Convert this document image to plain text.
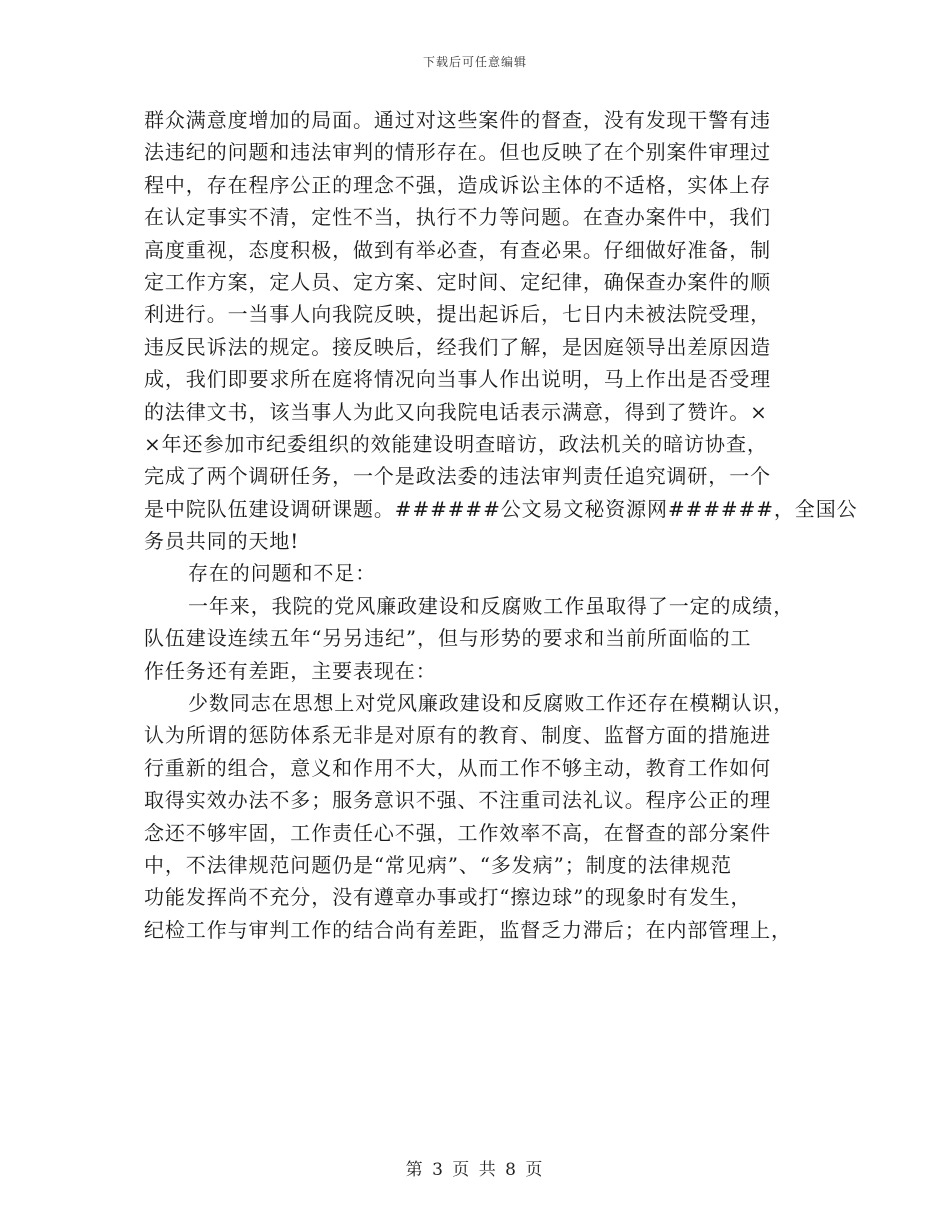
下载后可任意编辑
群众满意度增加的局面。通过对这些案件的督查，没有发现干警有违
法违纪的问题和违法审判的情形存在。但也反映了在个别案件审理过
程中，存在程序公正的理念不强，造成诉讼主体的不适格，实体上存
在认定事实不清，定性不当，执行不力等问题。在查办案件中，我们
高度重视，态度积极，做到有举必查，有查必果。仔细做好准备，制
定工作方案，定人员、定方案、定时间、定纪律，确保查办案件的顺
利进行。一当事人向我院反映，提出起诉后，七日内未被法院受理，
违反民诉法的规定。接反映后，经我们了解，是因庭领导出差原因造
成，我们即要求所在庭将情况向当事人作出说明，马上作出是否受理
的法律文书，该当事人为此又向我院电话表示满意，得到了赞许。×
×年还参加市纪委组织的效能建设明查暗访，政法机关的暗访协查，
完成了两个调研任务，一个是政法委的违法审判责任追究调研，一个
是中院队伍建设调研课题。######公文易文秘资源网######，全国公
务员共同的天地!
存在的问题和不足：
一年来，我院的党风廉政建设和反腐败工作虽取得了一定的成绩，
队伍建设连续五年“另另违纪”，但与形势的要求和当前所面临的工
作任务还有差距，主要表现在：
少数同志在思想上对党风廉政建设和反腐败工作还存在模糊认识，
认为所谓的惩防体系无非是对原有的教育、制度、监督方面的措施进
行重新的组合，意义和作用不大，从而工作不够主动，教育工作如何
取得实效办法不多；服务意识不强、不注重司法礼议。程序公正的理
念还不够牢固，工作责任心不强，工作效率不高，在督查的部分案件
中，不法律规范问题仍是“常见病”、“多发病”；制度的法律规范
功能发挥尚不充分，没有遵章办事或打“擦边球”的现象时有发生，
纪检工作与审判工作的结合尚有差距，监督乏力滞后；在内部管理上，
第 3 页 共 8 页
